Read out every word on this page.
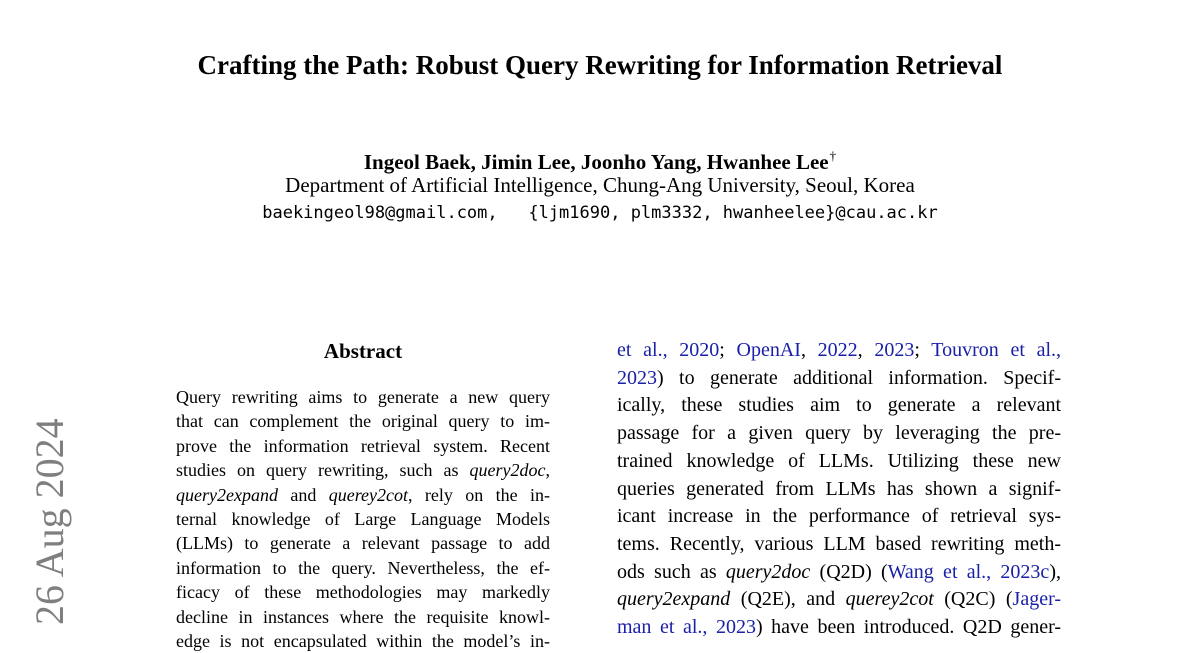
Crafting the Path: Robust Query Rewriting for Information Retrieval
Ingeol Baek, Jimin Lee, Joonho Yang, Hwanhee Lee†
Department of Artificial Intelligence, Chung-Ang University, Seoul, Korea
baekingeol98@gmail.com,   {ljm1690, plm3332, hwanheelee}@cau.ac.kr
26 Aug 2024
Abstract
Query rewriting aims to generate a new query
that can complement the original query to im-
prove the information retrieval system. Recent
studies on query rewriting, such as query2doc,
query2expand and querey2cot, rely on the in-
ternal knowledge of Large Language Models
(LLMs) to generate a relevant passage to add
information to the query. Nevertheless, the ef-
ficacy of these methodologies may markedly
decline in instances where the requisite knowl-
edge is not encapsulated within the model’s in-
et al., 2020; OpenAI, 2022, 2023; Touvron et al.,
2023) to generate additional information. Specif-
ically, these studies aim to generate a relevant
passage for a given query by leveraging the pre-
trained knowledge of LLMs. Utilizing these new
queries generated from LLMs has shown a signif-
icant increase in the performance of retrieval sys-
tems. Recently, various LLM based rewriting meth-
ods such as query2doc (Q2D) (Wang et al., 2023c),
query2expand (Q2E), and querey2cot (Q2C) (Jager-
man et al., 2023) have been introduced. Q2D gener-
